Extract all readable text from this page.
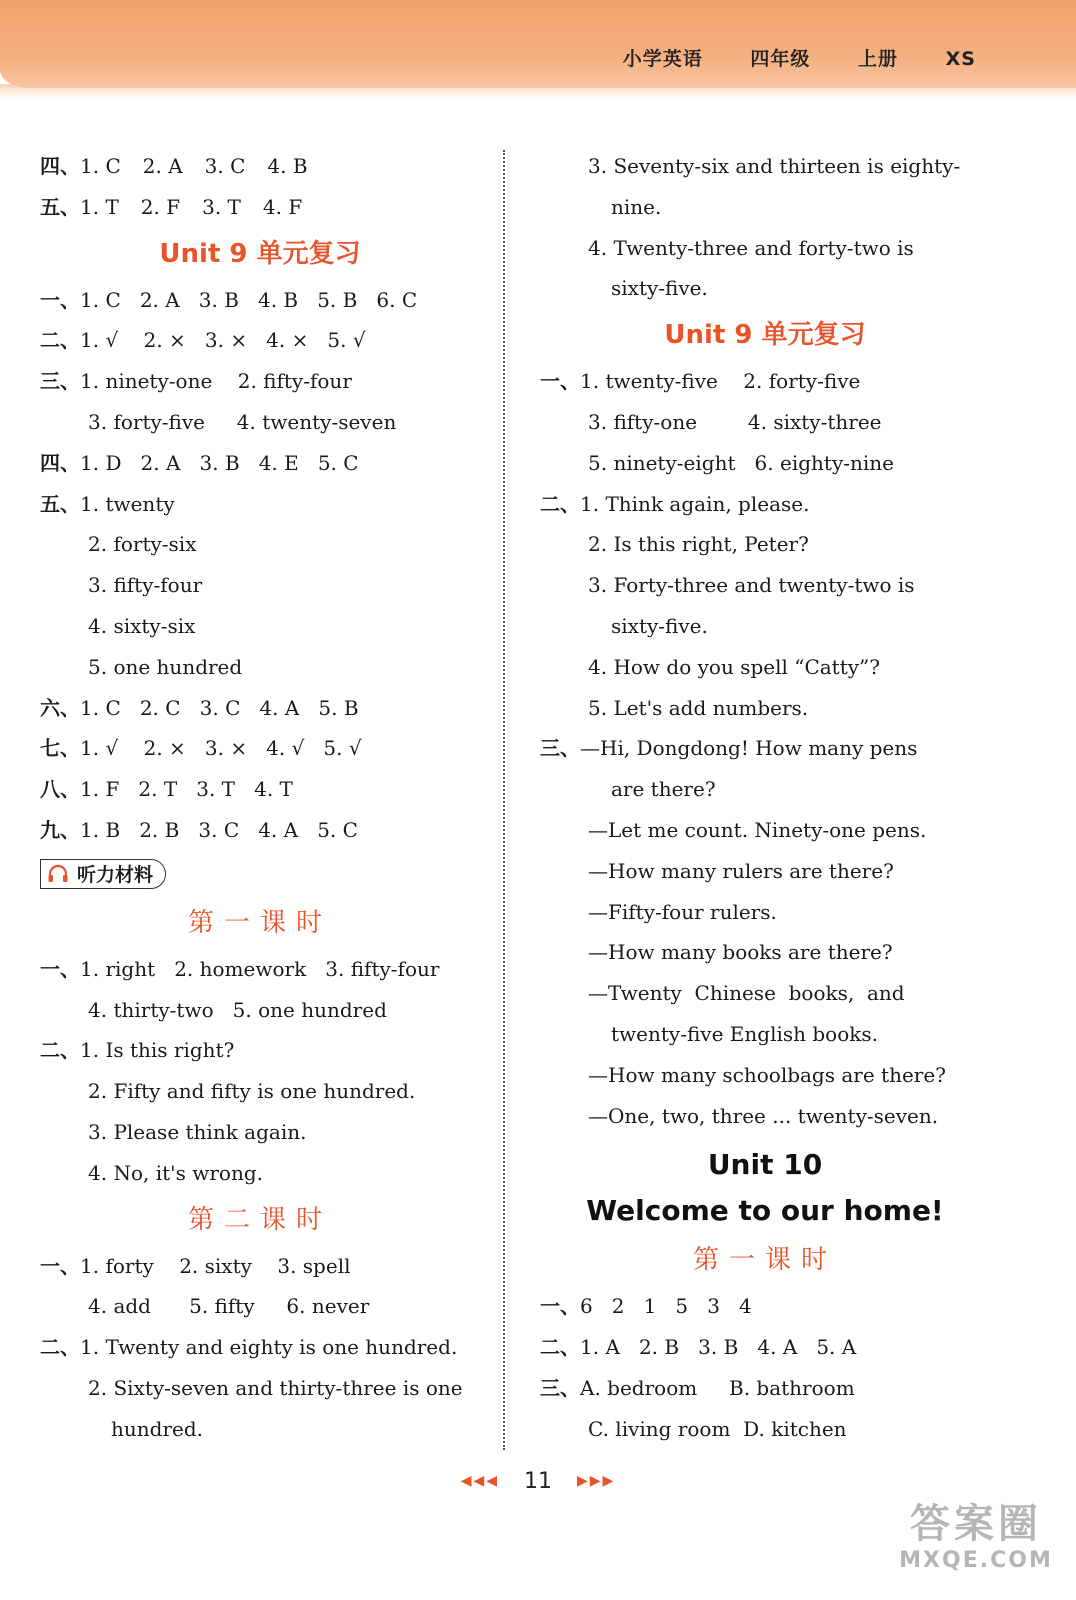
小学英语	四年级	上册	XS
四、1. C 2. A 3. C 4. B
五、1. T 2. F 3. T 4. F
Unit 9 单元复习
一、1. C   2. A   3. B   4. B   5. B   6. C
二、1. √    2. ×   3. ×   4. ×   5. √
三、1. ninety-one    2. fifty-four
3. forty-five     4. twenty-seven
四、1. D   2. A   3. B   4. E   5. C
五、1. twenty
2. forty-six
3. fifty-four
4. sixty-six
5. one hundred
六、1. C   2. C   3. C   4. A   5. B
七、1. √    2. ×   3. ×   4. √   5. √
八、1. F   2. T   3. T   4. T
九、1. B   2. B   3. C   4. A   5. C
听力材料
第一课时
一、1. right   2. homework   3. fifty-four
4. thirty-two   5. one hundred
二、1. Is this right?
2. Fifty and fifty is one hundred.
3. Please think again.
4. No, it's wrong.
第二课时
一、1. forty    2. sixty    3. spell
4. add      5. fifty     6. never
二、1. Twenty and eighty is one hundred.
2. Sixty-seven and thirty-three is one
hundred.
3. Seventy-six and thirteen is eighty-
nine.
4. Twenty-three and forty-two is
sixty-five.
Unit 9 单元复习
一、1. twenty-five    2. forty-five
3. fifty-one        4. sixty-three
5. ninety-eight   6. eighty-nine
二、1. Think again, please.
2. Is this right, Peter?
3. Forty-three and twenty-two is
sixty-five.
4. How do you spell “Catty”?
5. Let's add numbers.
三、—Hi, Dongdong! How many pens
are there?
—Let me count. Ninety-one pens.
—How many rulers are there?
—Fifty-four rulers.
—How many books are there?
—Twenty  Chinese  books,  and
twenty-five English books.
—How many schoolbags are there?
—One, two, three ... twenty-seven.
Unit 10
Welcome to our home!
第一课时
一、6   2   1   5   3   4
二、1. A   2. B   3. B   4. A   5. A
三、A. bedroom     B. bathroom
C. living room  D. kitchen
◀◀◀ 11 ▶▶▶
答案圈
MXQE.COM
